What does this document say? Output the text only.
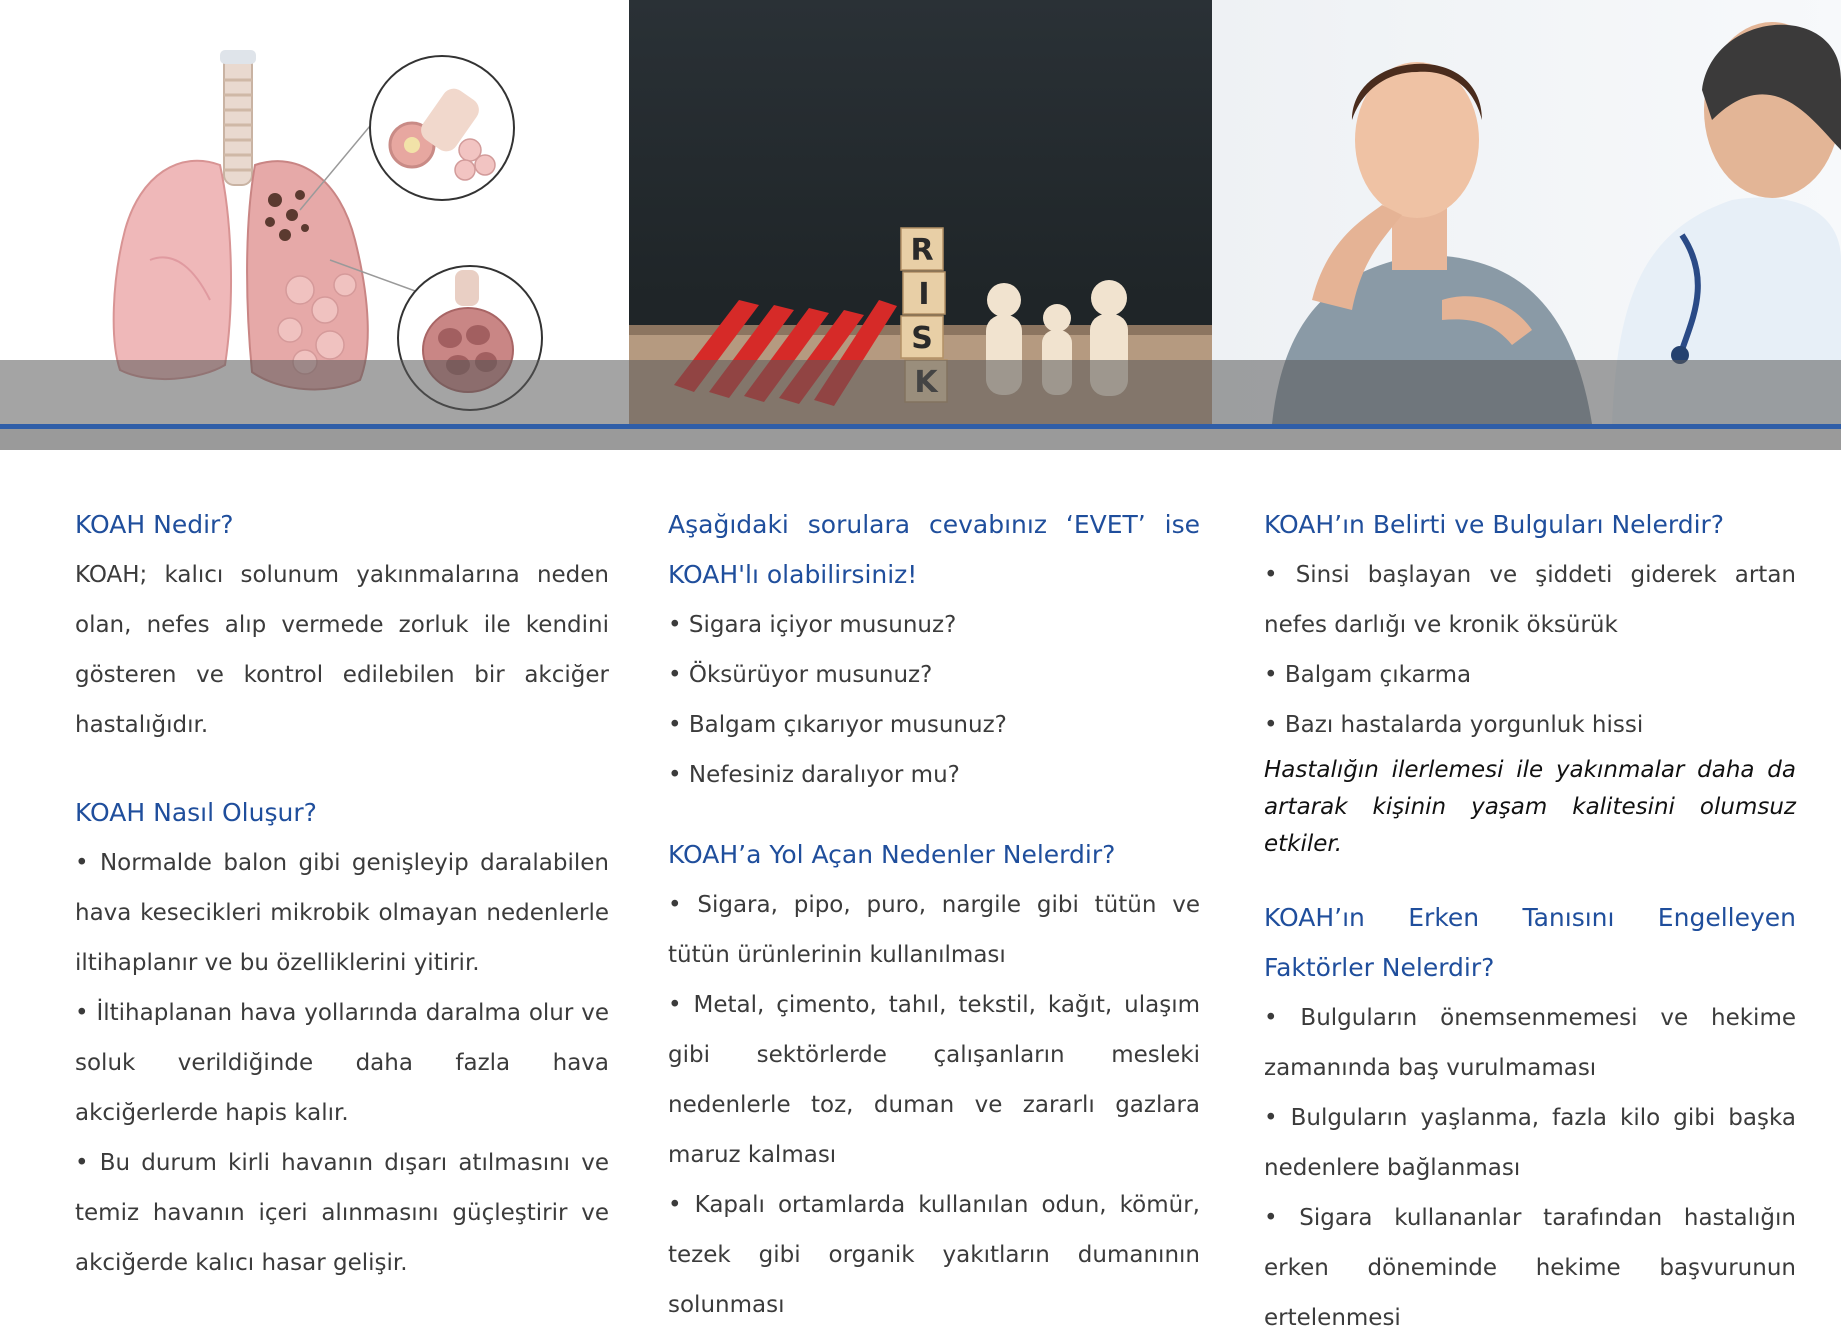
R
I
S

KOAH Nedir?

KOAH; kalıcı solunum yakınmalarına neden olan, nefes alıp vermede zorluk ile kendini gösteren ve kontrol edilebilen bir akciğer hastalığıdır.

KOAH Nasıl Oluşur?

• Normalde balon gibi genişleyip daralabilen hava kesecikleri mikrobik olmayan nedenlerle iltihaplanır ve bu özelliklerini yitirir.

• İltihaplanan hava yollarında daralma olur ve soluk verildiğinde daha fazla hava akciğerlerde hapis kalır.

• Bu durum kirli havanın dışarı atılmasını ve temiz havanın içeri alınmasını güçleştirir ve akciğerde kalıcı hasar gelişir.

Aşağıdaki sorulara cevabınız ‘EVET’ ise

KOAH'lı olabilirsiniz!

• Sigara içiyor musunuz?

• Öksürüyor musunuz?

• Balgam çıkarıyor musunuz?

• Nefesiniz daralıyor mu?

KOAH’a Yol Açan Nedenler Nelerdir?

• Sigara, pipo, puro, nargile gibi tütün ve tütün ürünlerinin kullanılması

• Metal, çimento, tahıl, tekstil, kağıt, ulaşım gibi sektörlerde çalışanların mesleki nedenlerle toz, duman ve zararlı gazlara maruz kalması

• Kapalı ortamlarda kullanılan odun, kömür, tezek gibi organik yakıtların dumanının solunması

KOAH’ın Belirti ve Bulguları Nelerdir?

• Sinsi başlayan ve şiddeti giderek artan nefes darlığı ve kronik öksürük

• Balgam çıkarma

• Bazı hastalarda yorgunluk hissi

Hastalığın ilerlemesi ile yakınmalar daha da artarak kişinin yaşam kalitesini olumsuz etkiler.

KOAH’ın Erken Tanısını Engelleyen

Faktörler Nelerdir?

• Bulguların önemsenmemesi ve hekime zamanında baş vurulmaması

• Bulguların yaşlanma, fazla kilo gibi başka nedenlere bağlanması

• Sigara kullananlar tarafından hastalığın erken döneminde hekime başvurunun ertelenmesi
